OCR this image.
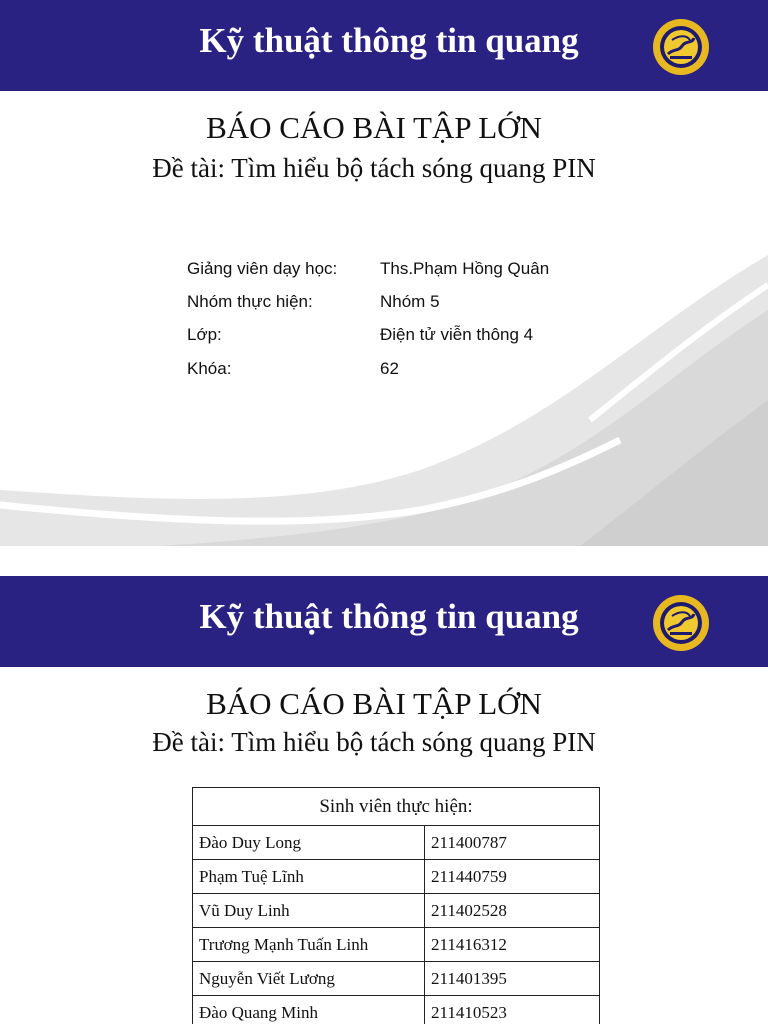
Kỹ thuật thông tin quang
BÁO CÁO BÀI TẬP LỚN
Đề tài: Tìm hiểu bộ tách sóng quang PIN
Giảng viên dạy học:	Ths.Phạm Hồng Quân
Nhóm thực hiện:	Nhóm 5
Lớp:	Điện tử viễn thông 4
Khóa:	62
Kỹ thuật thông tin quang
BÁO CÁO BÀI TẬP LỚN
Đề tài: Tìm hiểu bộ tách sóng quang PIN
Sinh viên thực hiện:	
Đào Duy Long	211400787
Phạm Tuệ Lĩnh	211440759
Vũ Duy Linh	211402528
Trương Mạnh Tuấn Linh	211416312
Nguyễn Viết Lương	211401395
Đào Quang Minh	211410523
